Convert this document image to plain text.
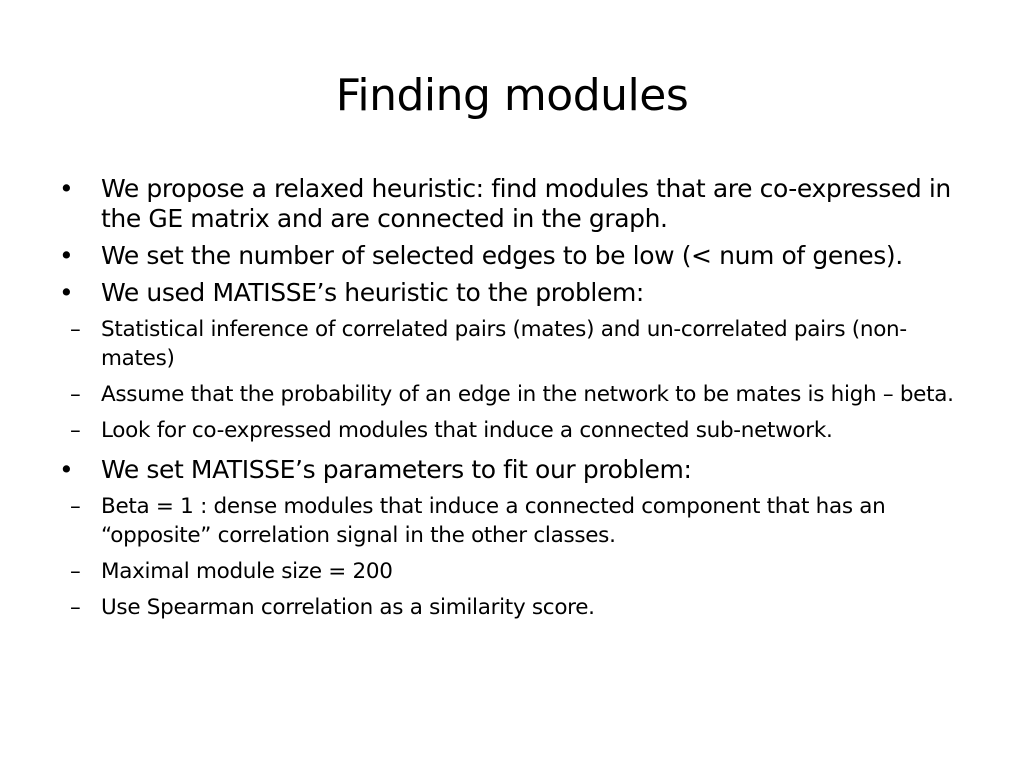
Finding modules
•	We propose a relaxed heuristic: find modules that are co-expressed in the GE matrix and are connected in the graph.
•	We set the number of selected edges to be low (< num of genes).
•	We used MATISSE’s heuristic to the problem:
– Statistical inference of correlated pairs (mates) and un-correlated pairs (non-mates)
– Assume that the probability of an edge in the network to be mates is high – beta.
– Look for co-expressed modules that induce a connected sub-network.
•	We set MATISSE’s parameters to fit our problem:
– Beta = 1 : dense modules that induce a connected component that has an “opposite” correlation signal in the other classes.
– Maximal module size = 200
– Use Spearman correlation as a similarity score.
